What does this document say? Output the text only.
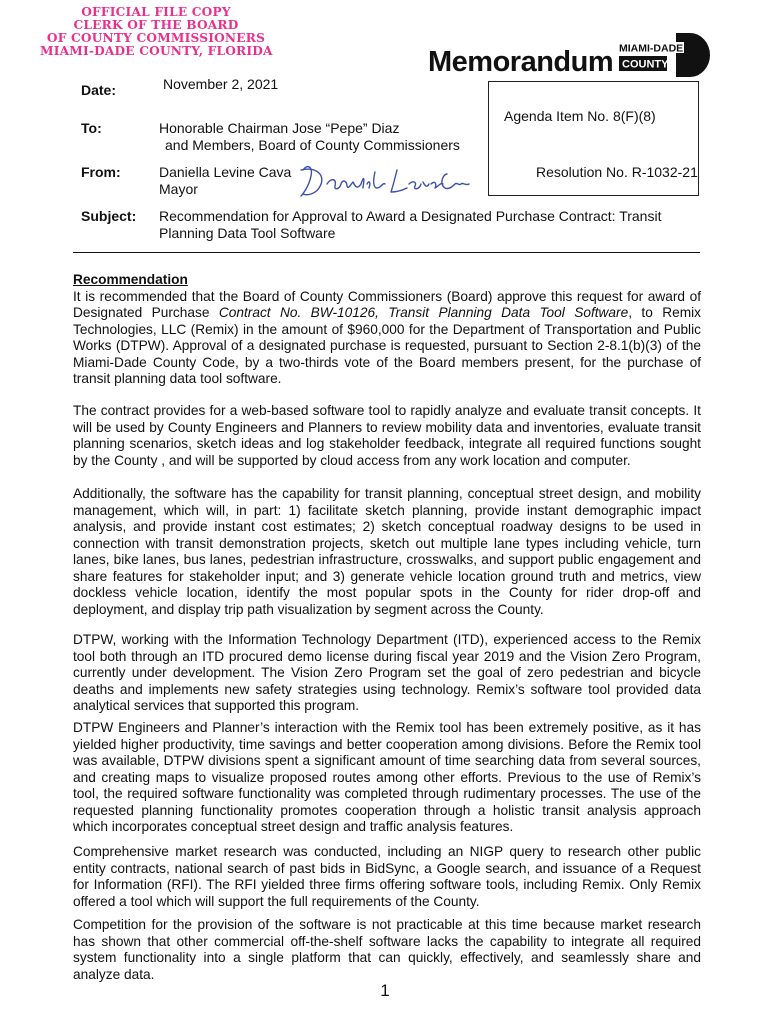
OFFICIAL FILE COPY
CLERK OF THE BOARD
OF COUNTY COMMISSIONERS
MIAMI-DADE COUNTY, FLORIDA	Memorandum MIAMI-DADE
COUNTY
Date:	November 2, 2021
Agenda Item No. 8(F)(8)
To:	Honorable Chairman Jose “Pepe” Diaz
and Members, Board of County Commissioners
From:	Daniella Levine Cava
Mayor
Resolution No. R-1032-21
Subject: Recommendation for Approval to Award a Designated Purchase Contract: Transit
Planning Data Tool Software
Recommendation
It is recommended that the Board of County Commissioners (Board) approve this request for award of Designated Purchase Contract No. BW-10126, Transit Planning Data Tool Software, to Remix Technologies, LLC (Remix) in the amount of $960,000 for the Department of Transportation and Public Works (DTPW). Approval of a designated purchase is requested, pursuant to Section 2-8.1(b)(3) of the Miami-Dade County Code, by a two-thirds vote of the Board members present, for the purchase of transit planning data tool software.
The contract provides for a web-based software tool to rapidly analyze and evaluate transit concepts. It will be used by County Engineers and Planners to review mobility data and inventories, evaluate transit planning scenarios, sketch ideas and log stakeholder feedback, integrate all required functions sought by the County , and will be supported by cloud access from any work location and computer.
Additionally, the software has the capability for transit planning, conceptual street design, and mobility management, which will, in part: 1) facilitate sketch planning, provide instant demographic impact analysis, and provide instant cost estimates; 2) sketch conceptual roadway designs to be used in connection with transit demonstration projects, sketch out multiple lane types including vehicle, turn lanes, bike lanes, bus lanes, pedestrian infrastructure, crosswalks, and support public engagement and share features for stakeholder input; and 3) generate vehicle location ground truth and metrics, view dockless vehicle location, identify the most popular spots in the County for rider drop-off and deployment, and display trip path visualization by segment across the County.
DTPW, working with the Information Technology Department (ITD), experienced access to the Remix tool both through an ITD procured demo license during fiscal year 2019 and the Vision Zero Program, currently under development. The Vision Zero Program set the goal of zero pedestrian and bicycle deaths and implements new safety strategies using technology. Remix’s software tool provided data analytical services that supported this program.
DTPW Engineers and Planner’s interaction with the Remix tool has been extremely positive, as it has yielded higher productivity, time savings and better cooperation among divisions. Before the Remix tool was available, DTPW divisions spent a significant amount of time searching data from several sources, and creating maps to visualize proposed routes among other efforts. Previous to the use of Remix’s tool, the required software functionality was completed through rudimentary processes. The use of the requested planning functionality promotes cooperation through a holistic transit analysis approach which incorporates conceptual street design and traffic analysis features.
Comprehensive market research was conducted, including an NIGP query to research other public entity contracts, national search of past bids in BidSync, a Google search, and issuance of a Request for Information (RFI). The RFI yielded three firms offering software tools, including Remix. Only Remix offered a tool which will support the full requirements of the County.
Competition for the provision of the software is not practicable at this time because market research has shown that other commercial off-the-shelf software lacks the capability to integrate all required system functionality into a single platform that can quickly, effectively, and seamlessly share and analyze data.
1
